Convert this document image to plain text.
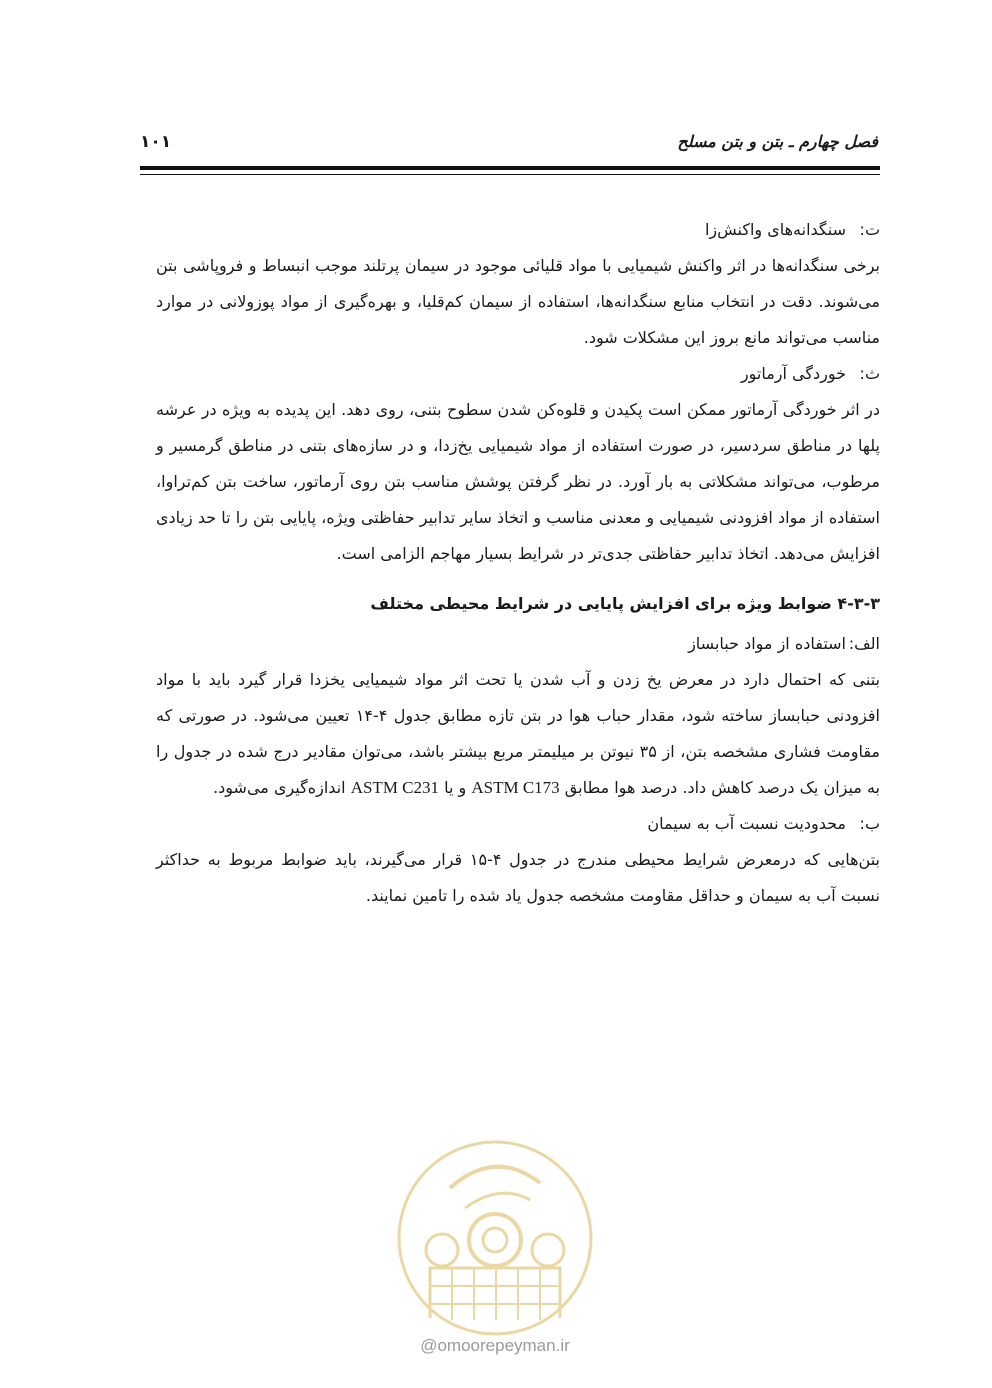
فصل چهارم ـ بتن و بتن مسلح
۱۰۱
ت:
سنگدانه‌های واکنش‌زا

برخی سنگدانه‌ها در اثر واکنش شیمیایی با مواد قلیائی موجود در سیمان پرتلند موجب انبساط و فروپاشی بتن می‌شوند. دقت در انتخاب منابع سنگدانه‌ها، استفاده از سیمان کم‌قلیا، و بهره‌گیری از مواد پوزولانی در موارد مناسب می‌تواند مانع بروز این مشکلات شود.

ث:
خوردگی آرماتور

در اثر خوردگی آرماتور ممکن است پکیدن و قلوه‌کن شدن سطوح بتنی، روی دهد. این پدیده به ویژه در عرشه پلها در مناطق سردسیر، در صورت استفاده از مواد شیمیایی یخ‌زدا، و در سازه‌های بتنی در مناطق گرمسیر و مرطوب، می‌تواند مشکلاتی به بار آورد. در نظر گرفتن پوشش مناسب بتن روی آرماتور، ساخت بتن کم‌تراوا، استفاده از مواد افزودنی شیمیایی و معدنی مناسب و اتخاذ سایر تدابیر حفاظتی ویژه، پایایی بتن را تا حد زیادی افزایش می‌دهد. اتخاذ تدابیر حفاظتی جدی‌تر در شرایط بسیار مهاجم الزامی است.

۴-۳-۳ ضوابط ویژه برای افزایش پایایی در شرایط محیطی مختلف
الف:
استفاده از مواد حبابساز

بتنی که احتمال دارد در معرض یخ زدن و آب شدن یا تحت اثر مواد شیمیایی یخزدا قرار گیرد باید با مواد افزودنی حبابساز ساخته شود، مقدار حباب هوا در بتن تازه مطابق جدول ۴-۱۴ تعیین می‌شود. در صورتی که مقاومت فشاری مشخصه بتن، از ۳۵ نیوتن بر میلیمتر مربع بیشتر باشد، می‌توان مقادیر درج شده در جدول را به میزان یک درصد کاهش داد. درصد هوا مطابق ASTM C173 و یا ASTM C231 اندازه‌گیری می‌شود.

ب:
محدودیت نسبت آب به سیمان

بتن‌هایی که درمعرض شرایط محیطی مندرج در جدول ۴-۱۵ قرار می‌گیرند، باید ضوابط مربوط به حداکثر نسبت آب به سیمان و حداقل مقاومت مشخصه جدول یاد شده را تامین نمایند.

@omoorepeyman.ir
